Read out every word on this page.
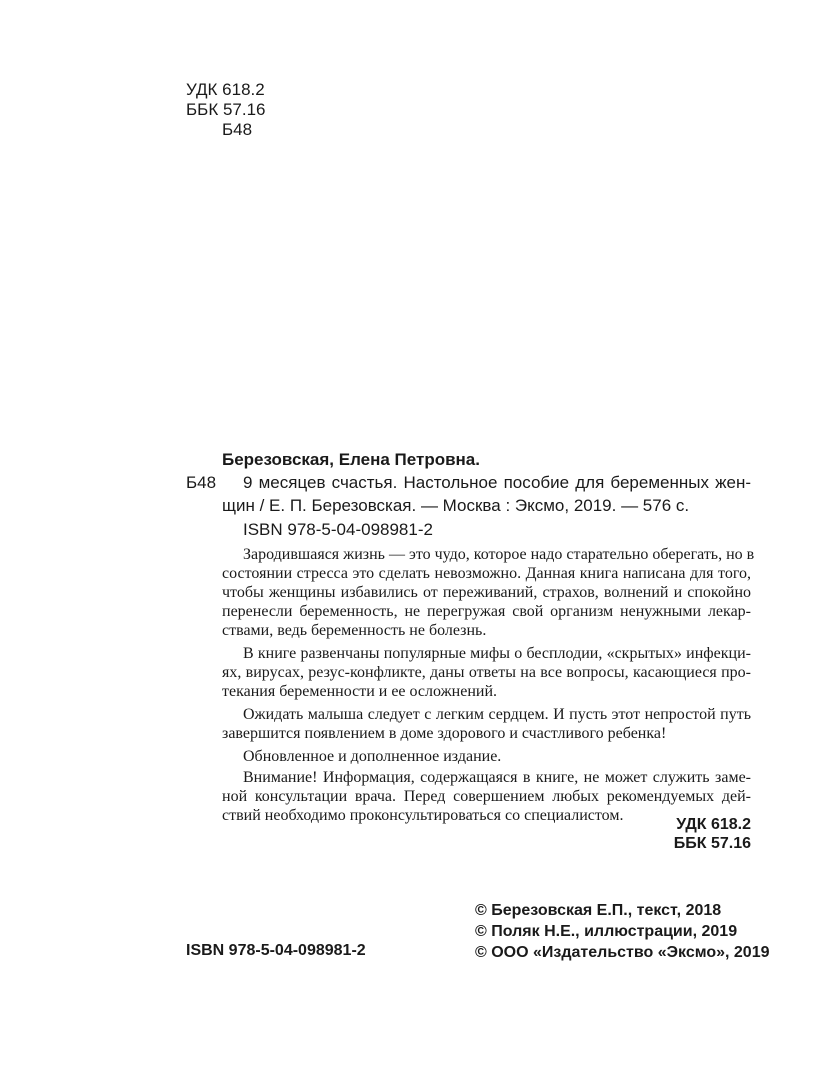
УДК 618.2
ББК 57.16
Б48
Березовская, Елена Петровна.
Б48 9 месяцев счастья. Настольное пособие для беременных жен-
щин / Е. П. Березовская. — Москва : Эксмо, 2019. — 576 с.
ISBN 978-5-04-098981-2
Зародившаяся жизнь — это чудо, которое надо старательно оберегать, но в
состоянии стресса это сделать невозможно. Данная книга написана для того,
чтобы женщины избавились от переживаний, страхов, волнений и спокойно
перенесли беременность, не перегружая свой организм ненужными лекар-
ствами, ведь беременность не болезнь.
В книге развенчаны популярные мифы о бесплодии, «скрытых» инфекци-
ях, вирусах, резус-конфликте, даны ответы на все вопросы, касающиеся про-
текания беременности и ее осложнений.
Ожидать малыша следует с легким сердцем. И пусть этот непростой путь
завершится появлением в доме здорового и счастливого ребенка!
Обновленное и дополненное издание.
Внимание! Информация, содержащаяся в книге, не может служить заме-
ной консультации врача. Перед совершением любых рекомендуемых дей-
ствий необходимо проконсультироваться со специалистом.
УДК 618.2
ББК 57.16
© Березовская Е.П., текст, 2018
© Поляк Н.Е., иллюстрации, 2019
© ООО «Издательство «Эксмо», 2019
ISBN 978-5-04-098981-2
